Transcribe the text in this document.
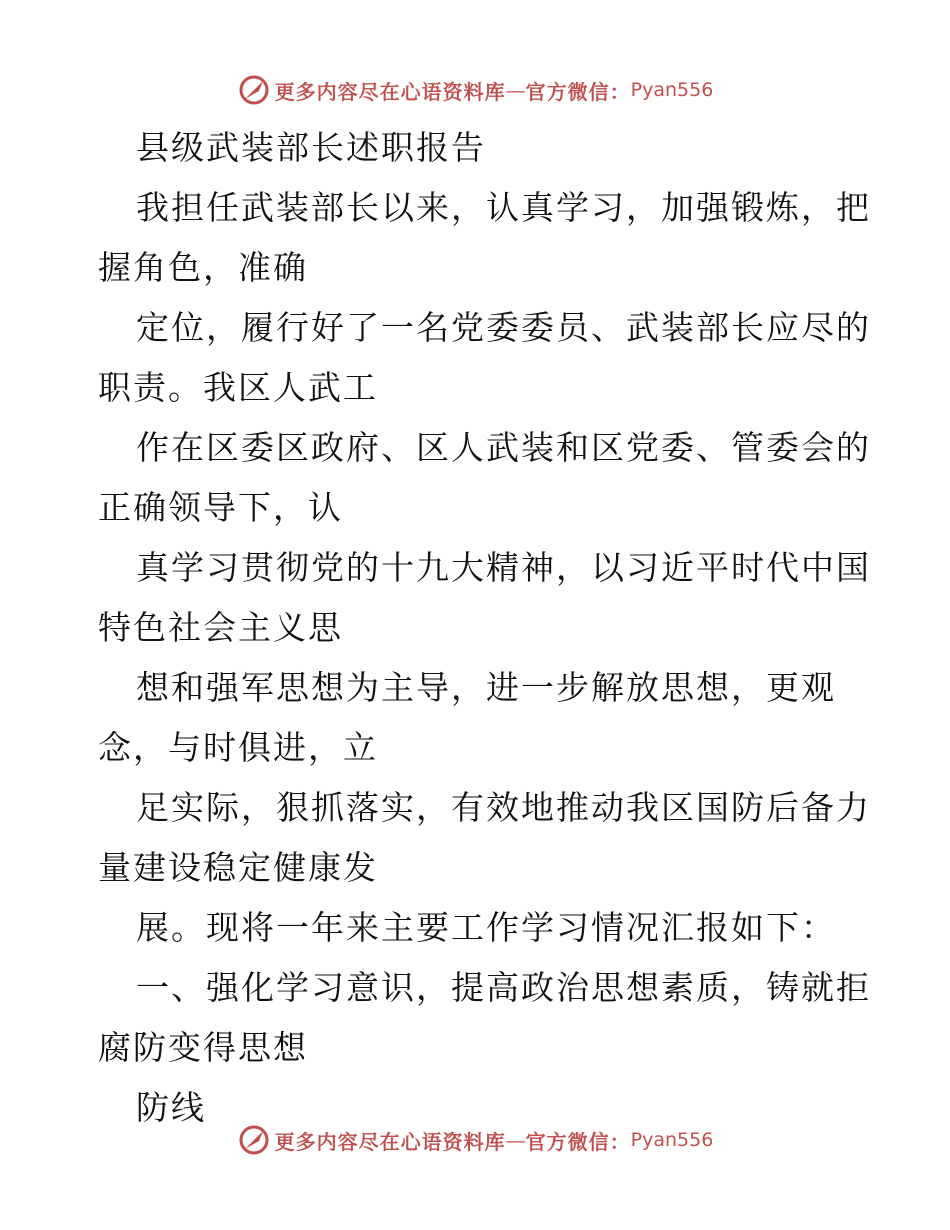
更多内容尽在心语资料库 — 官方微信： Pyan556
县级武装部长述职报告
我担任武装部长以来，认真学习，加强锻炼，把
握角色，准确
定位，履行好了一名党委委员、武装部长应尽的
职责。我区人武工
作在区委区政府、区人武装和区党委、管委会的
正确领导下，认
真学习贯彻党的十九大精神，以习近平时代中国
特色社会主义思
想和强军思想为主导，进一步解放思想，更观
念，与时俱进，立
足实际，狠抓落实，有效地推动我区国防后备力
量建设稳定健康发
展。现将一年来主要工作学习情况汇报如下：
一、强化学习意识，提高政治思想素质，铸就拒
腐防变得思想
防线
更多内容尽在心语资料库 — 官方微信： Pyan556
